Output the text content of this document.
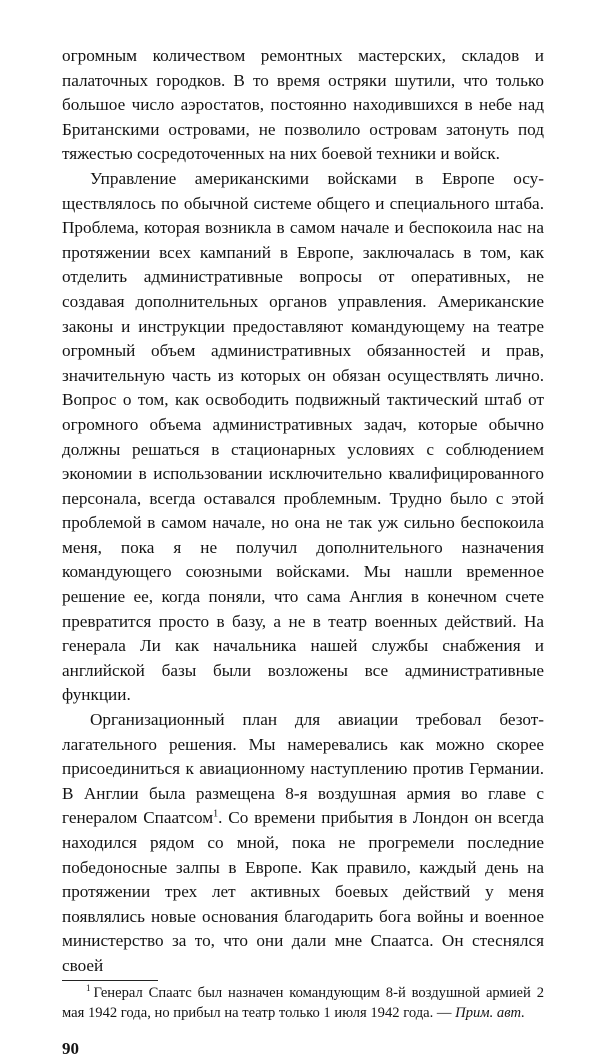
огромным количеством ремонтных мастерских, складов и палаточных городков. В то время остряки шутили, что только большое число аэростатов, постоянно находившихся в небе над Британскими островами, не позволило островам затонуть под тяжестью сосредоточенных на них боевой техники и войск.

Управление американскими войсками в Европе осуществлялось по обычной системе общего и специального штаба. Проблема, которая возникла в самом начале и беспокоила нас на протяжении всех кампаний в Европе, заключалась в том, как отделить административные вопросы от оперативных, не создавая дополнительных органов управления. Американские законы и инструкции предоставляют командующему на театре огромный объем административных обязанностей и прав, значительную часть из которых он обязан осуществлять лично. Вопрос о том, как освободить подвижный тактический штаб от огромного объема административных задач, которые обычно должны решаться в стационарных условиях с соблюдением экономии в использовании исключительно квалифицированного персонала, всегда оставался проблемным. Трудно было с этой проблемой в самом начале, но она не так уж сильно беспокоила меня, пока я не получил дополнительного назначения командующего союзными войсками. Мы нашли временное решение ее, когда поняли, что сама Англия в конечном счете превратится просто в базу, а не в театр военных действий. На генерала Ли как начальника нашей службы снабжения и английской базы были возложены все административные функции.

Организационный план для авиации требовал безотлагательного решения. Мы намеревались как можно скорее присоединиться к авиационному наступлению против Германии. В Англии была размещена 8-я воздушная армия во главе с генералом Спаатсом$^1$. Со времени прибытия в Лондон он всегда находился рядом со мной, пока не прогремели последние победоносные залпы в Европе. Как правило, каждый день на протяжении трех лет активных боевых действий у меня появлялись новые основания благодарить бога войны и военное министерство за то, что они дали мне Спаатса. Он стеснялся своей

$^1$ Генерал Спаатс был назначен командующим 8-й воздушной армией 2 мая 1942 года, но прибыл на театр только 1 июля 1942 года. — Прим. авт.

90
